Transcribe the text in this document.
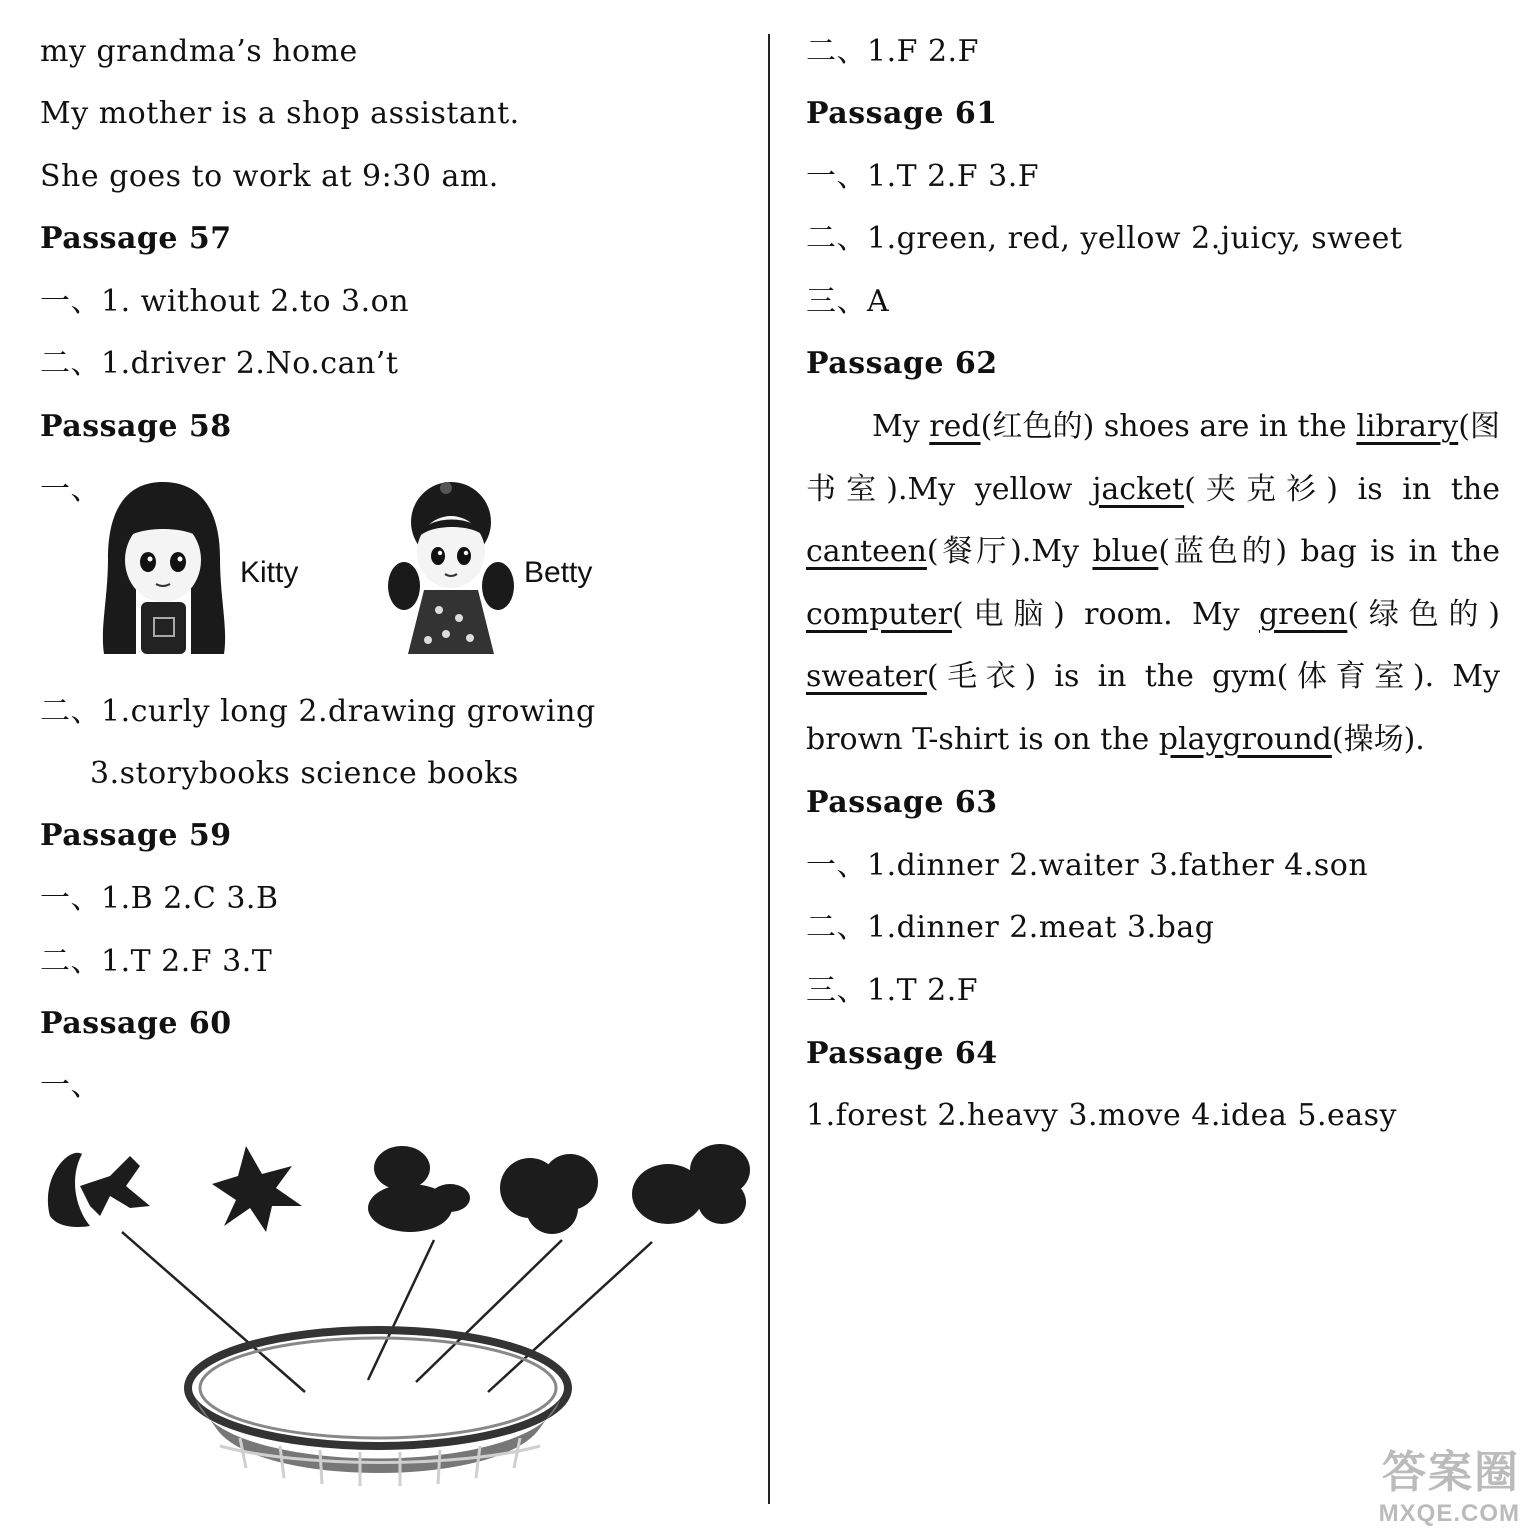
my grandma’s home
My mother is a shop assistant.
She goes to work at 9:30 am.
Passage 57
一、1. without 2.to 3.on
二、1.driver 2.No.can’t
Passage 58
一、
Kitty	Betty
二、1.curly long 2.drawing growing
3.storybooks science books
Passage 59
一、1.B 2.C 3.B
二、1.T 2.F 3.T
Passage 60
一、
二、1.F 2.F
Passage 61
一、1.T 2.F 3.F
二、1.green, red, yellow 2.juicy, sweet
三、A
Passage 62
My red(红色的) shoes are in the library(图书室).My yellow jacket(夹克衫) is in the canteen(餐厅).My blue(蓝色的) bag is in the computer(电脑) room. My green(绿色的) sweater(毛衣) is in the gym(体育室). My brown T-shirt is on the playground(操场).
Passage 63
一、1.dinner 2.waiter 3.father 4.son
二、1.dinner 2.meat 3.bag
三、1.T 2.F
Passage 64
1.forest 2.heavy 3.move 4.idea 5.easy
答案圈
MXQE.COM
